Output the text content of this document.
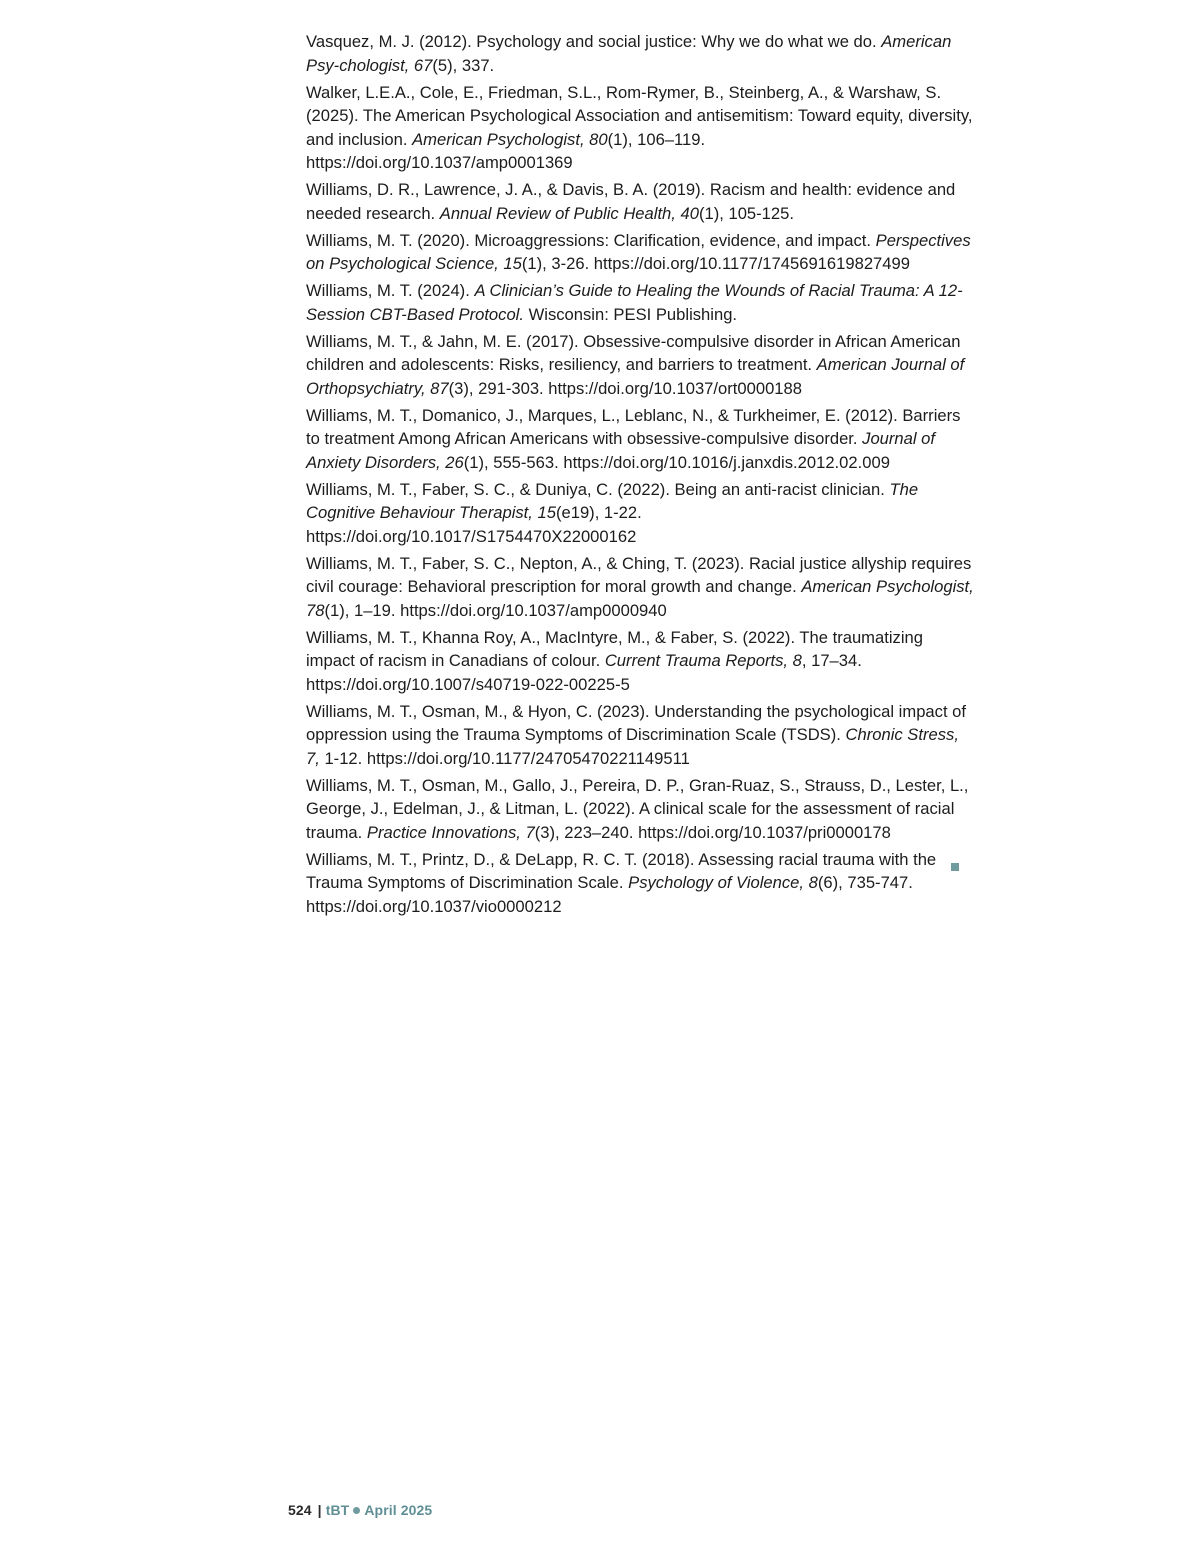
Vasquez, M. J. (2012). Psychology and social justice: Why we do what we do. American Psy-chologist, 67(5), 337.

Walker, L.E.A., Cole, E., Friedman, S.L., Rom-Rymer, B., Steinberg, A., & Warshaw, S. (2025). The American Psychological Association and antisemitism: Toward equity, diversity, and inclusion. American Psychologist, 80(1), 106–119. https://doi.org/10.1037/amp0001369

Williams, D. R., Lawrence, J. A., & Davis, B. A. (2019). Racism and health: evidence and needed research. Annual Review of Public Health, 40(1), 105-125.

Williams, M. T. (2020). Microaggressions: Clarification, evidence, and impact. Perspectives on Psychological Science, 15(1), 3-26. https://doi.org/10.1177/1745691619827499

Williams, M. T. (2024). A Clinician’s Guide to Healing the Wounds of Racial Trauma: A 12-Session CBT-Based Protocol. Wisconsin: PESI Publishing.

Williams, M. T., & Jahn, M. E. (2017). Obsessive-compulsive disorder in African American children and adolescents: Risks, resiliency, and barriers to treatment. American Journal of Orthopsychiatry, 87(3), 291-303. https://doi.org/10.1037/ort0000188

Williams, M. T., Domanico, J., Marques, L., Leblanc, N., & Turkheimer, E. (2012). Barriers to treatment Among African Americans with obsessive-compulsive disorder. Journal of Anxiety Disorders, 26(1), 555-563. https://doi.org/10.1016/j.janxdis.2012.02.009

Williams, M. T., Faber, S. C., & Duniya, C. (2022). Being an anti-racist clinician. The Cognitive Behaviour Therapist, 15(e19), 1-22. https://doi.org/10.1017/S1754470X22000162

Williams, M. T., Faber, S. C., Nepton, A., & Ching, T. (2023). Racial justice allyship requires civil courage: Behavioral prescription for moral growth and change. American Psychologist, 78(1), 1–19. https://doi.org/10.1037/amp0000940

Williams, M. T., Khanna Roy, A., MacIntyre, M., & Faber, S. (2022). The traumatizing impact of racism in Canadians of colour. Current Trauma Reports, 8, 17–34. https://doi.org/10.1007/s40719-022-00225-5

Williams, M. T., Osman, M., & Hyon, C. (2023). Understanding the psychological impact of oppression using the Trauma Symptoms of Discrimination Scale (TSDS). Chronic Stress, 7, 1-12. https://doi.org/10.1177/24705470221149511

Williams, M. T., Osman, M., Gallo, J., Pereira, D. P., Gran-Ruaz, S., Strauss, D., Lester, L., George, J., Edelman, J., & Litman, L. (2022). A clinical scale for the assessment of racial trauma. Practice Innovations, 7(3), 223–240. https://doi.org/10.1037/pri0000178

Williams, M. T., Printz, D., & DeLapp, R. C. T. (2018). Assessing racial trauma with the Trauma Symptoms of Discrimination Scale. Psychology of Violence, 8(6), 735-747. https://doi.org/10.1037/vio0000212

524 | tBT April 2025
